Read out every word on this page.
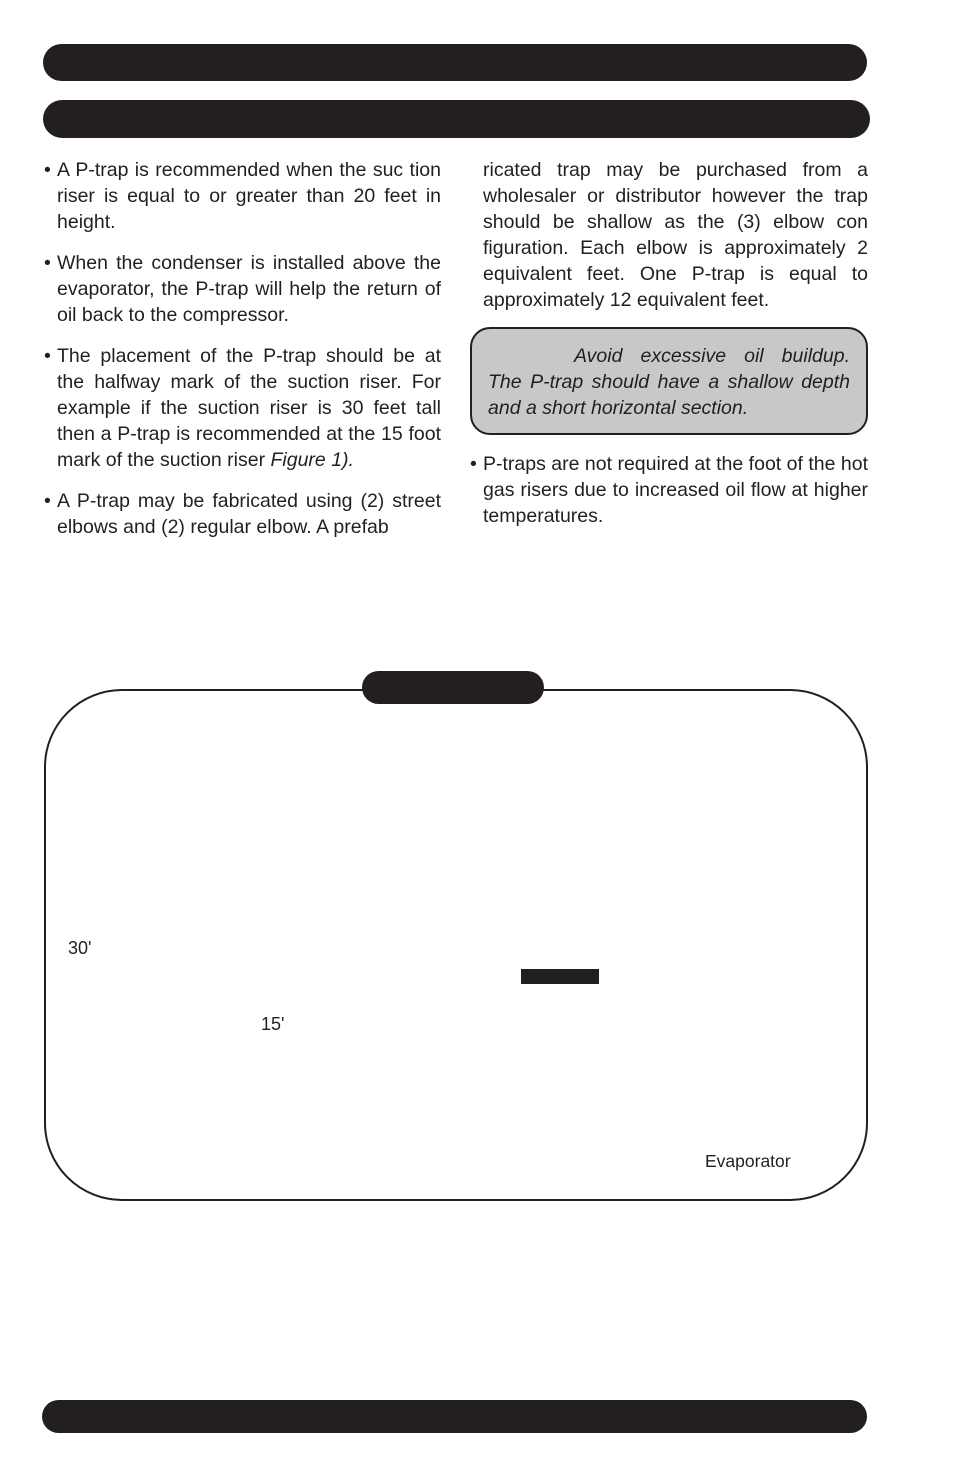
• A P-trap is recommended when the suc tion riser is equal to or greater than 20 feet in height.

• When the condenser is installed above the evaporator, the P-trap will help the return of oil back to the compressor.

• The placement of the P-trap should be at the halfway mark of the suction riser. For example if the suction riser is 30 feet tall then a P-trap is recommended at the 15 foot mark of the suction riser Figure 1).

• A P-trap may be fabricated using (2) street elbows and (2) regular elbow. A prefab

ricated trap may be purchased from a wholesaler or distributor however the trap should be shallow as the (3) elbow con figuration. Each elbow is approximately 2 equivalent feet. One P-trap is equal to approximately 12 equivalent feet.

Avoid excessive oil buildup. The P-trap should have a shallow depth and a short horizontal section.

• P-traps are not required at the foot of the hot gas risers due to increased oil flow at higher temperatures.

30'
15'
Evaporator
